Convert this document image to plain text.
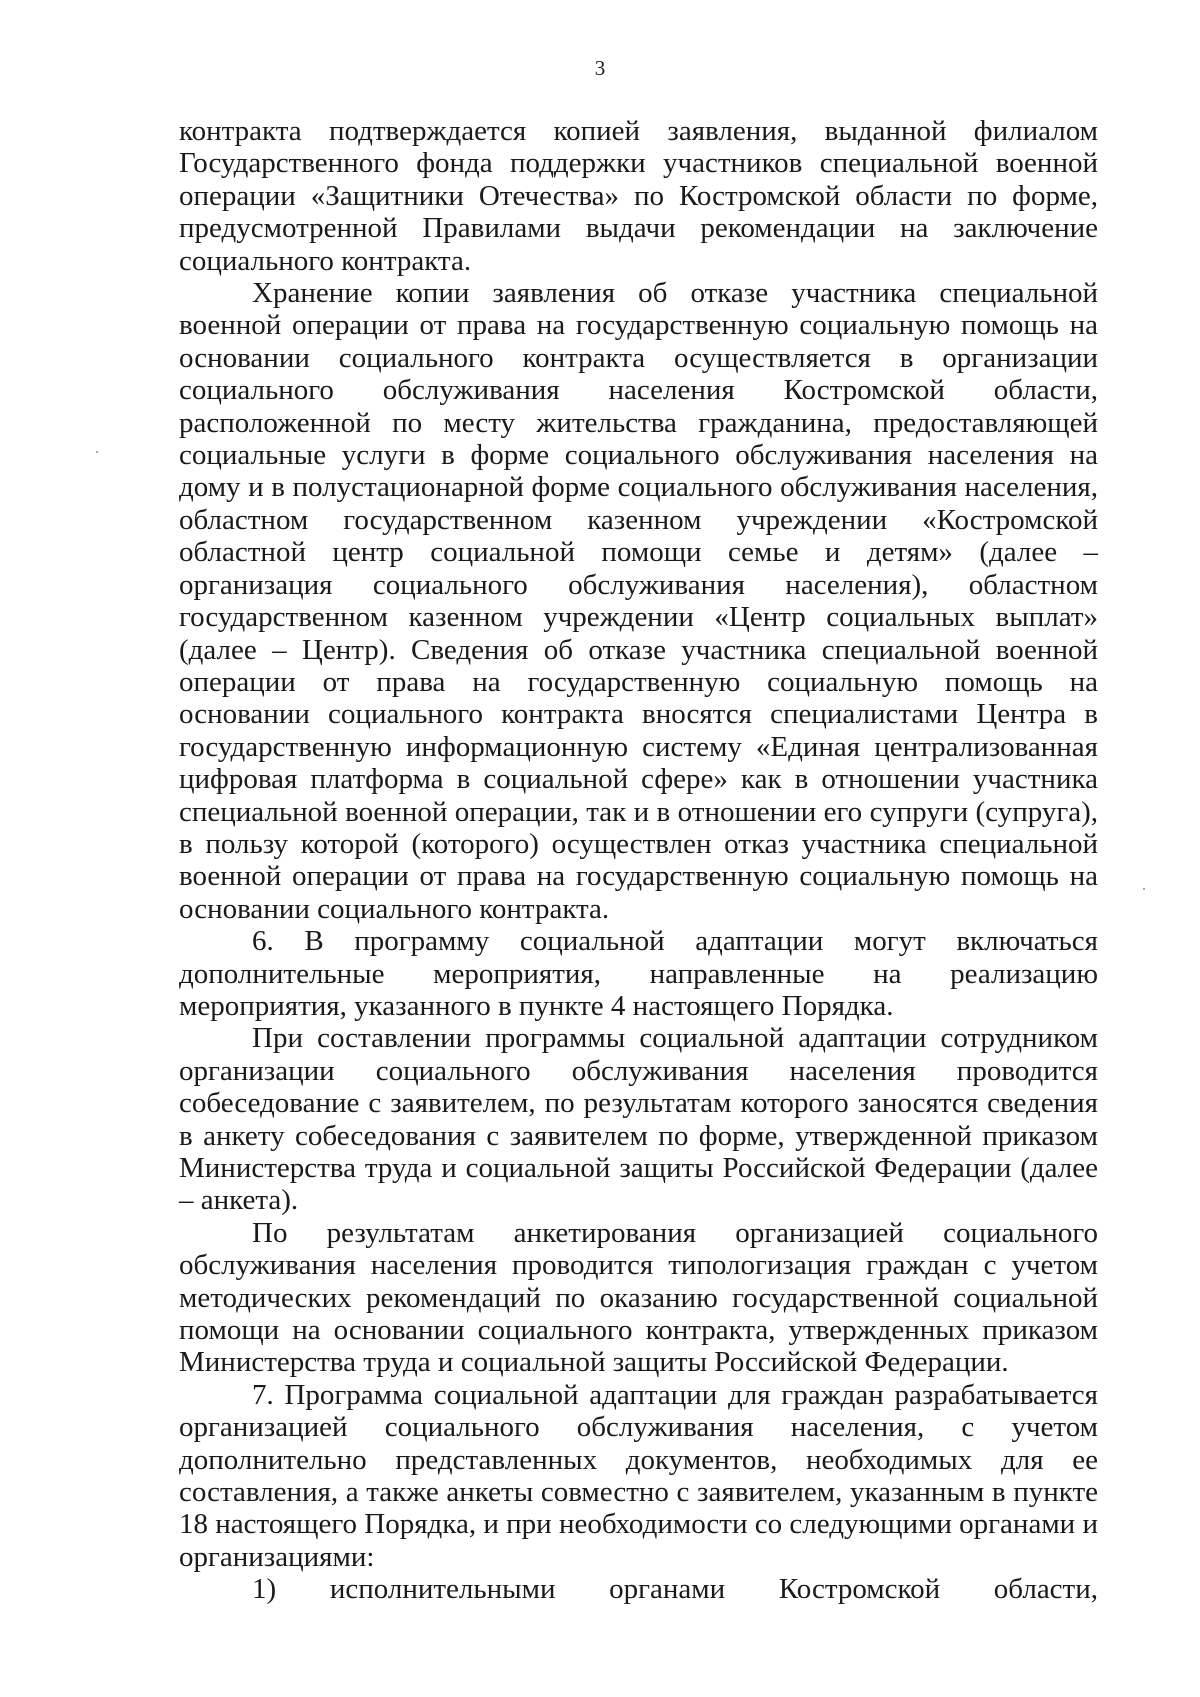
3

контракта подтверждается копией заявления, выданной филиалом Государственного фонда поддержки участников специальной военной операции «Защитники Отечества» по Костромской области по форме, предусмотренной Правилами выдачи рекомендации на заключение социального контракта.

Хранение копии заявления об отказе участника специальной военной операции от права на государственную социальную помощь на основании социального контракта осуществляется в организации социального обслуживания населения Костромской области, расположенной по месту жительства гражданина, предоставляющей социальные услуги в форме социального обслуживания населения на дому и в полустационарной форме социального обслуживания населения, областном государственном казенном учреждении «Костромской областной центр социальной помощи семье и детям» (далее – организация социального обслуживания населения), областном государственном казенном учреждении «Центр социальных выплат» (далее – Центр). Сведения об отказе участника специальной военной операции от права на государственную социальную помощь на основании социального контракта вносятся специалистами Центра в государственную информационную систему «Единая централизованная цифровая платформа в социальной сфере» как в отношении участника специальной военной операции, так и в отношении его супруги (супруга), в пользу которой (которого) осуществлен отказ участника специальной военной операции от права на государственную социальную помощь на основании социального контракта.

6. В программу социальной адаптации могут включаться дополнительные мероприятия, направленные на реализацию мероприятия, указанного в пункте 4 настоящего Порядка.

При составлении программы социальной адаптации сотрудником организации социального обслуживания населения проводится собеседование с заявителем, по результатам которого заносятся сведения в анкету собеседования с заявителем по форме, утвержденной приказом Министерства труда и социальной защиты Российской Федерации (далее – анкета).

По результатам анкетирования организацией социального обслуживания населения проводится типологизация граждан с учетом методических рекомендаций по оказанию государственной социальной помощи на основании социального контракта, утвержденных приказом Министерства труда и социальной защиты Российской Федерации.

7. Программа социальной адаптации для граждан разрабатывается организацией социального обслуживания населения, с учетом дополнительно представленных документов, необходимых для ее составления, а также анкеты совместно с заявителем, указанным в пункте 18 настоящего Порядка, и при необходимости со следующими органами и организациями:

1) исполнительными органами Костромской области,
